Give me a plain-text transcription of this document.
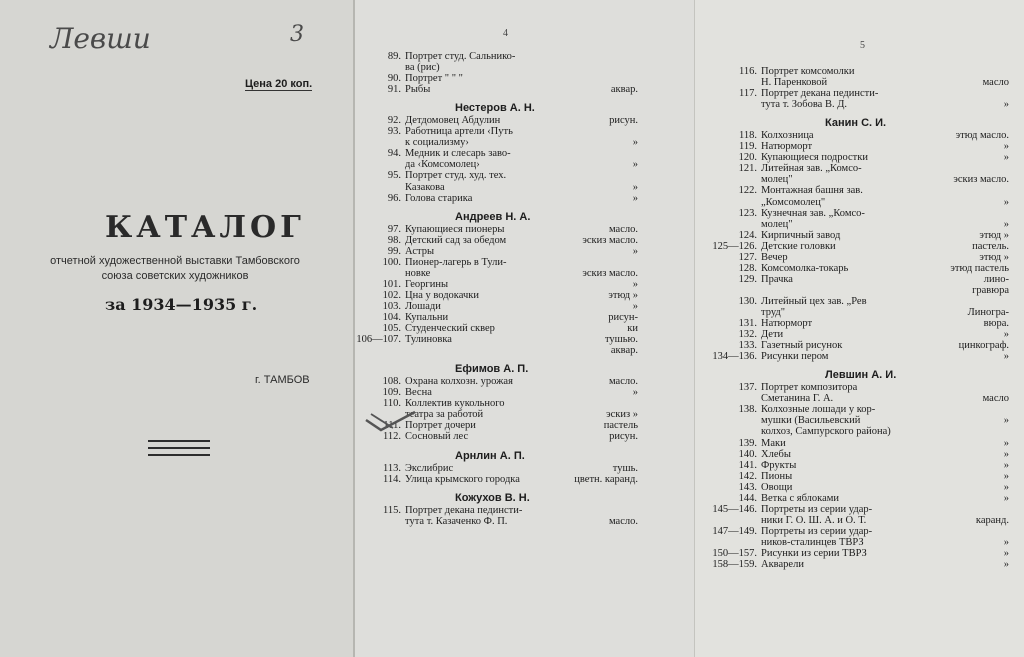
Левши	3
Цена 20 коп.
КАТАЛОГ
отчетной художественной выставки Тамбовского
союза советских художников
за 1934—1935 г.
г. ТАМБОВ
4
89. Портрет студ. Сальнико-
ва (рис)
90. Портрет " " "
91. Рыбы	аквар.
Нестеров А. Н.
92. Детдомовец Абдулин	рисун.
93. Работница артели ‹Путь
к социализму›	»
94. Медник и слесарь заво-
да ‹Комсомолец›	»
95. Портрет студ. худ. тех.
Казакова	»
96. Голова старика	»
Андреев Н. А.
97. Купающиеся пионеры	масло.
98. Детский сад за обедом	эскиз масло.
99. Астры	»
100. Пионер-лагерь в Тули-
новке	эскиз масло.
101. Георгины	»
102. Цна у водокачки	этюд »
103. Лошади	»
104. Купальни	рисун-
105. Студенческий сквер	ки
106—107. Тулиновка	тушью.
аквар.
Ефимов А. П.
108. Охрана колхозн. урожая	масло.
109. Весна	»
110. Коллектив кукольного
театра за работой	эскиз »
111. Портрет дочери	пастель
112. Сосновый лес	рисун.
Арнлин А. П.
113. Экслибрис	тушь.
114. Улица крымского городка	цветн. каранд.
Кожухов В. Н.
115. Портрет декана пединсти-
тута т. Казаченко Ф. П.	масло.
5
116. Портрет комсомолки
Н. Паренковой	масло
117. Портрет декана пединсти-
тута т. Зобова В. Д.	»
Канин С. И.
118. Колхозница	этюд масло.
119. Натюрморт	»
120. Купающиеся подростки	»
121. Литейная зав. „Комсо-
молец"	эскиз масло.
122. Монтажная башня зав.
„Комсомолец"	»
123. Кузнечная зав. „Комсо-
молец"	»
124. Кирпичный завод	этюд »
125—126. Детские головки	пастель.
127. Вечер	этюд »
128. Комсомолка-токарь	этюд пастель
129. Прачка	лино-
гравюра
130. Литейный цех зав. „Рев
труд"	Линогра-
131. Натюрморт	вюра.
132. Дети	»
133. Газетный рисунок	цинкограф.
134—136. Рисунки пером	»
Левшин А. И.
137. Портрет композитора
Сметанина Г. А.	масло
138. Колхозные лошади у кор-
мушки (Васильевский	»
колхоз, Сампурского района)
139. Маки	»
140. Хлебы	»
141. Фрукты	»
142. Пионы	»
143. Овощи	»
144. Ветка с яблоками	»
145—146. Портреты из серии удар-
ники Г. О. Ш. А. и О. Т.	каранд.
147—149. Портреты из серии удар-
ников-сталинцев ТВРЗ	»
150—157. Рисунки из серии ТВРЗ	»
158—159. Акварели	»
